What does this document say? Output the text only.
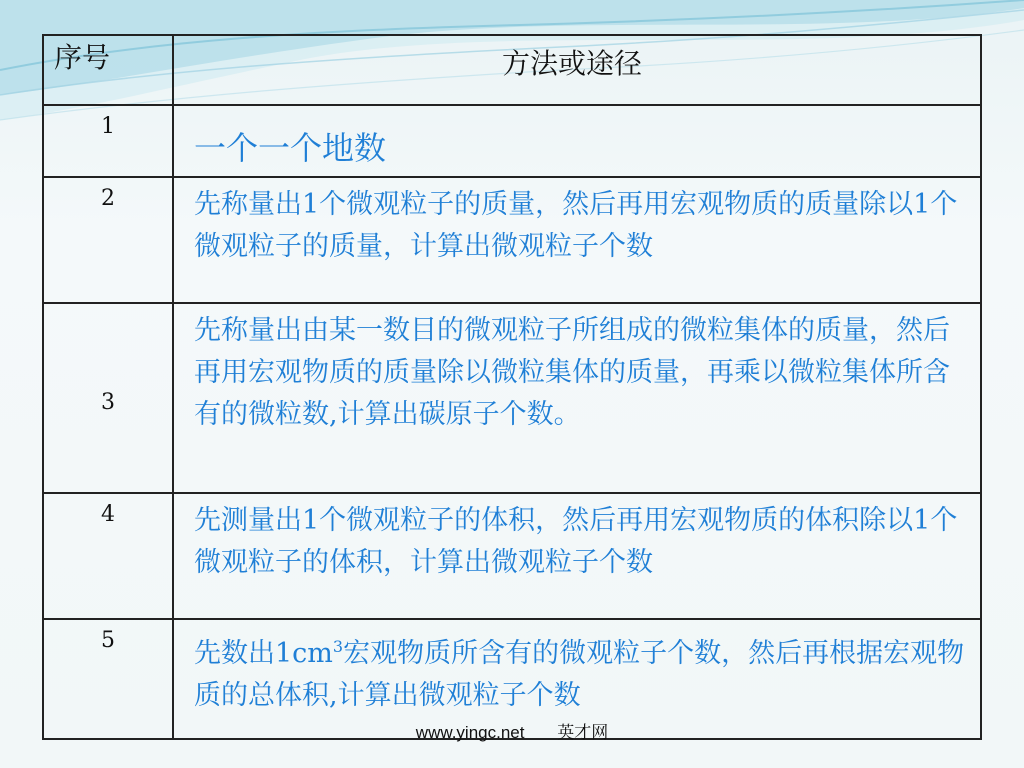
序号	方法或途径
1	一个一个地数

2	先称量出1个微观粒子的质量，然后再用宏观物质的质量除以1个微观粒子的质量，计算出微观粒子个数

3	先称量出由某一数目的微观粒子所组成的微粒集体的质量，然后再用宏观物质的质量除以微粒集体的质量，再乘以微粒集体所含有的微粒数,计算出碳原子个数。

4	先测量出1个微观粒子的体积，然后再用宏观物质的体积除以1个微观粒子的体积，计算出微观粒子个数

5	先数出$1cm^3$宏观物质所含有的微观粒子个数，然后再根据宏观物质的总体积,计算出微观粒子个数
www.yingc.net 英才网
